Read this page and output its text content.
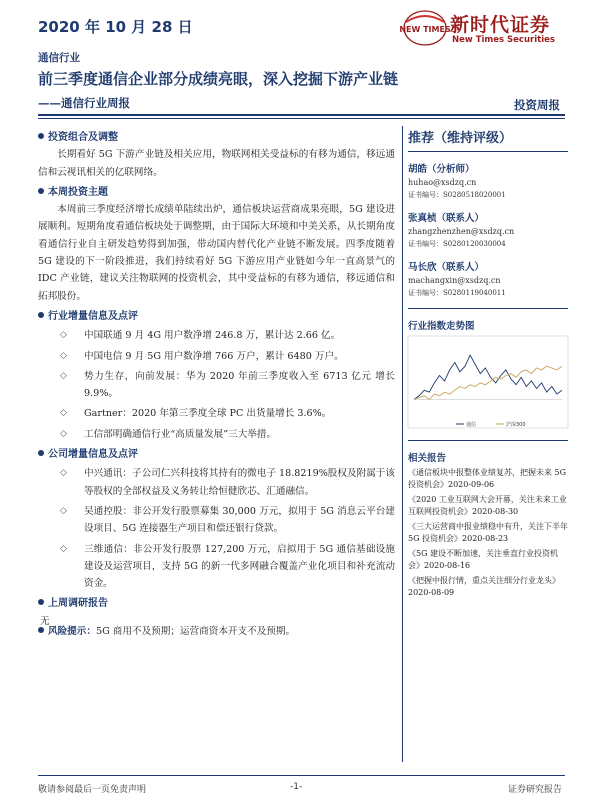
2020 年 10 月 28 日	NEW TIMES 新时代证券
New Times Securities
通信行业
前三季度通信企业部分成绩亮眼，深入挖掘下游产业链
——通信行业周报	投资周报
投资组合及调整

长期看好 5G 下游产业链及相关应用，物联网相关受益标的有移为通信，移远通信和云视讯相关的亿联网络。

本周投资主题

本周前三季度经济增长成绩单陆续出炉，通信板块运营商成果亮眼，5G 建设进展顺利。短期角度看通信板块处于调整期，由于国际大环境和中美关系，从长期角度看通信行业自主研发趋势得到加强，带动国内替代化产业链不断发展。四季度随着 5G 建设的下一阶段推进，我们持续看好 5G 下游应用产业链如今年一直高景气的 IDC 产业链，建议关注物联网的投资机会，其中受益标的有移为通信，移远通信和拓邦股份。

行业增量信息及点评
◇ 中国联通 9 月 4G 用户数净增 246.8 万，累计达 2.66 亿。
◇ 中国电信 9 月 5G 用户数净增 766 万户，累计 6480 万户。
◇ 势力生存，向前发展：华为 2020 年前三季度收入至 6713 亿元 增长 9.9%。
◇ Gartner：2020 年第三季度全球 PC 出货量增长 3.6%。
◇ 工信部明确通信行业“高质量发展”三大举措。
公司增量信息及点评
◇ 中兴通讯：子公司仁兴科技将其持有的微电子 18.8219%股权及附属于该等股权的全部权益及义务转让给恒健欣芯、汇通融信。
◇ 吴通控股：非公开发行股票募集 30,000 万元，拟用于 5G 消息云平台建设项目、5G 连接器生产项目和偿还银行贷款。
◇ 三维通信：非公开发行股票 127,200 万元，启拟用于 5G 通信基础设施建设及运营项目，支持 5G 的新一代多网融合覆盖产业化项目和补充流动资金。
上周调研报告
无
风险提示：5G 商用不及预期；运营商资本开支不及预期。
推荐（维持评级）
胡皓（分析师）
huhao@xsdzq.cn
证书编号：S0280518020001
张真桢（联系人）
zhangzhenzhen@xsdzq.cn
证书编号：S0280120030004
马长欣（联系人）
machangxin@xsdzq.cn
证书编号：S0280119040011
行业指数走势图
通信	沪深300
相关报告
《通信板块中报整体业绩复苏，把握未来 5G 投资机会》2020-09-06
《2020 工业互联网大会开幕，关注未来工业互联网投资机会》2020-08-30
《三大运营商中报业绩稳中有升，关注下半年 5G 投资机会》2020-08-23
《5G 建设不断加速，关注垂直行业投资机会》2020-08-16
《把握中报行情，重点关注细分行业龙头》2020-08-09
敬请参阅最后一页免责声明	-1-	证券研究报告
